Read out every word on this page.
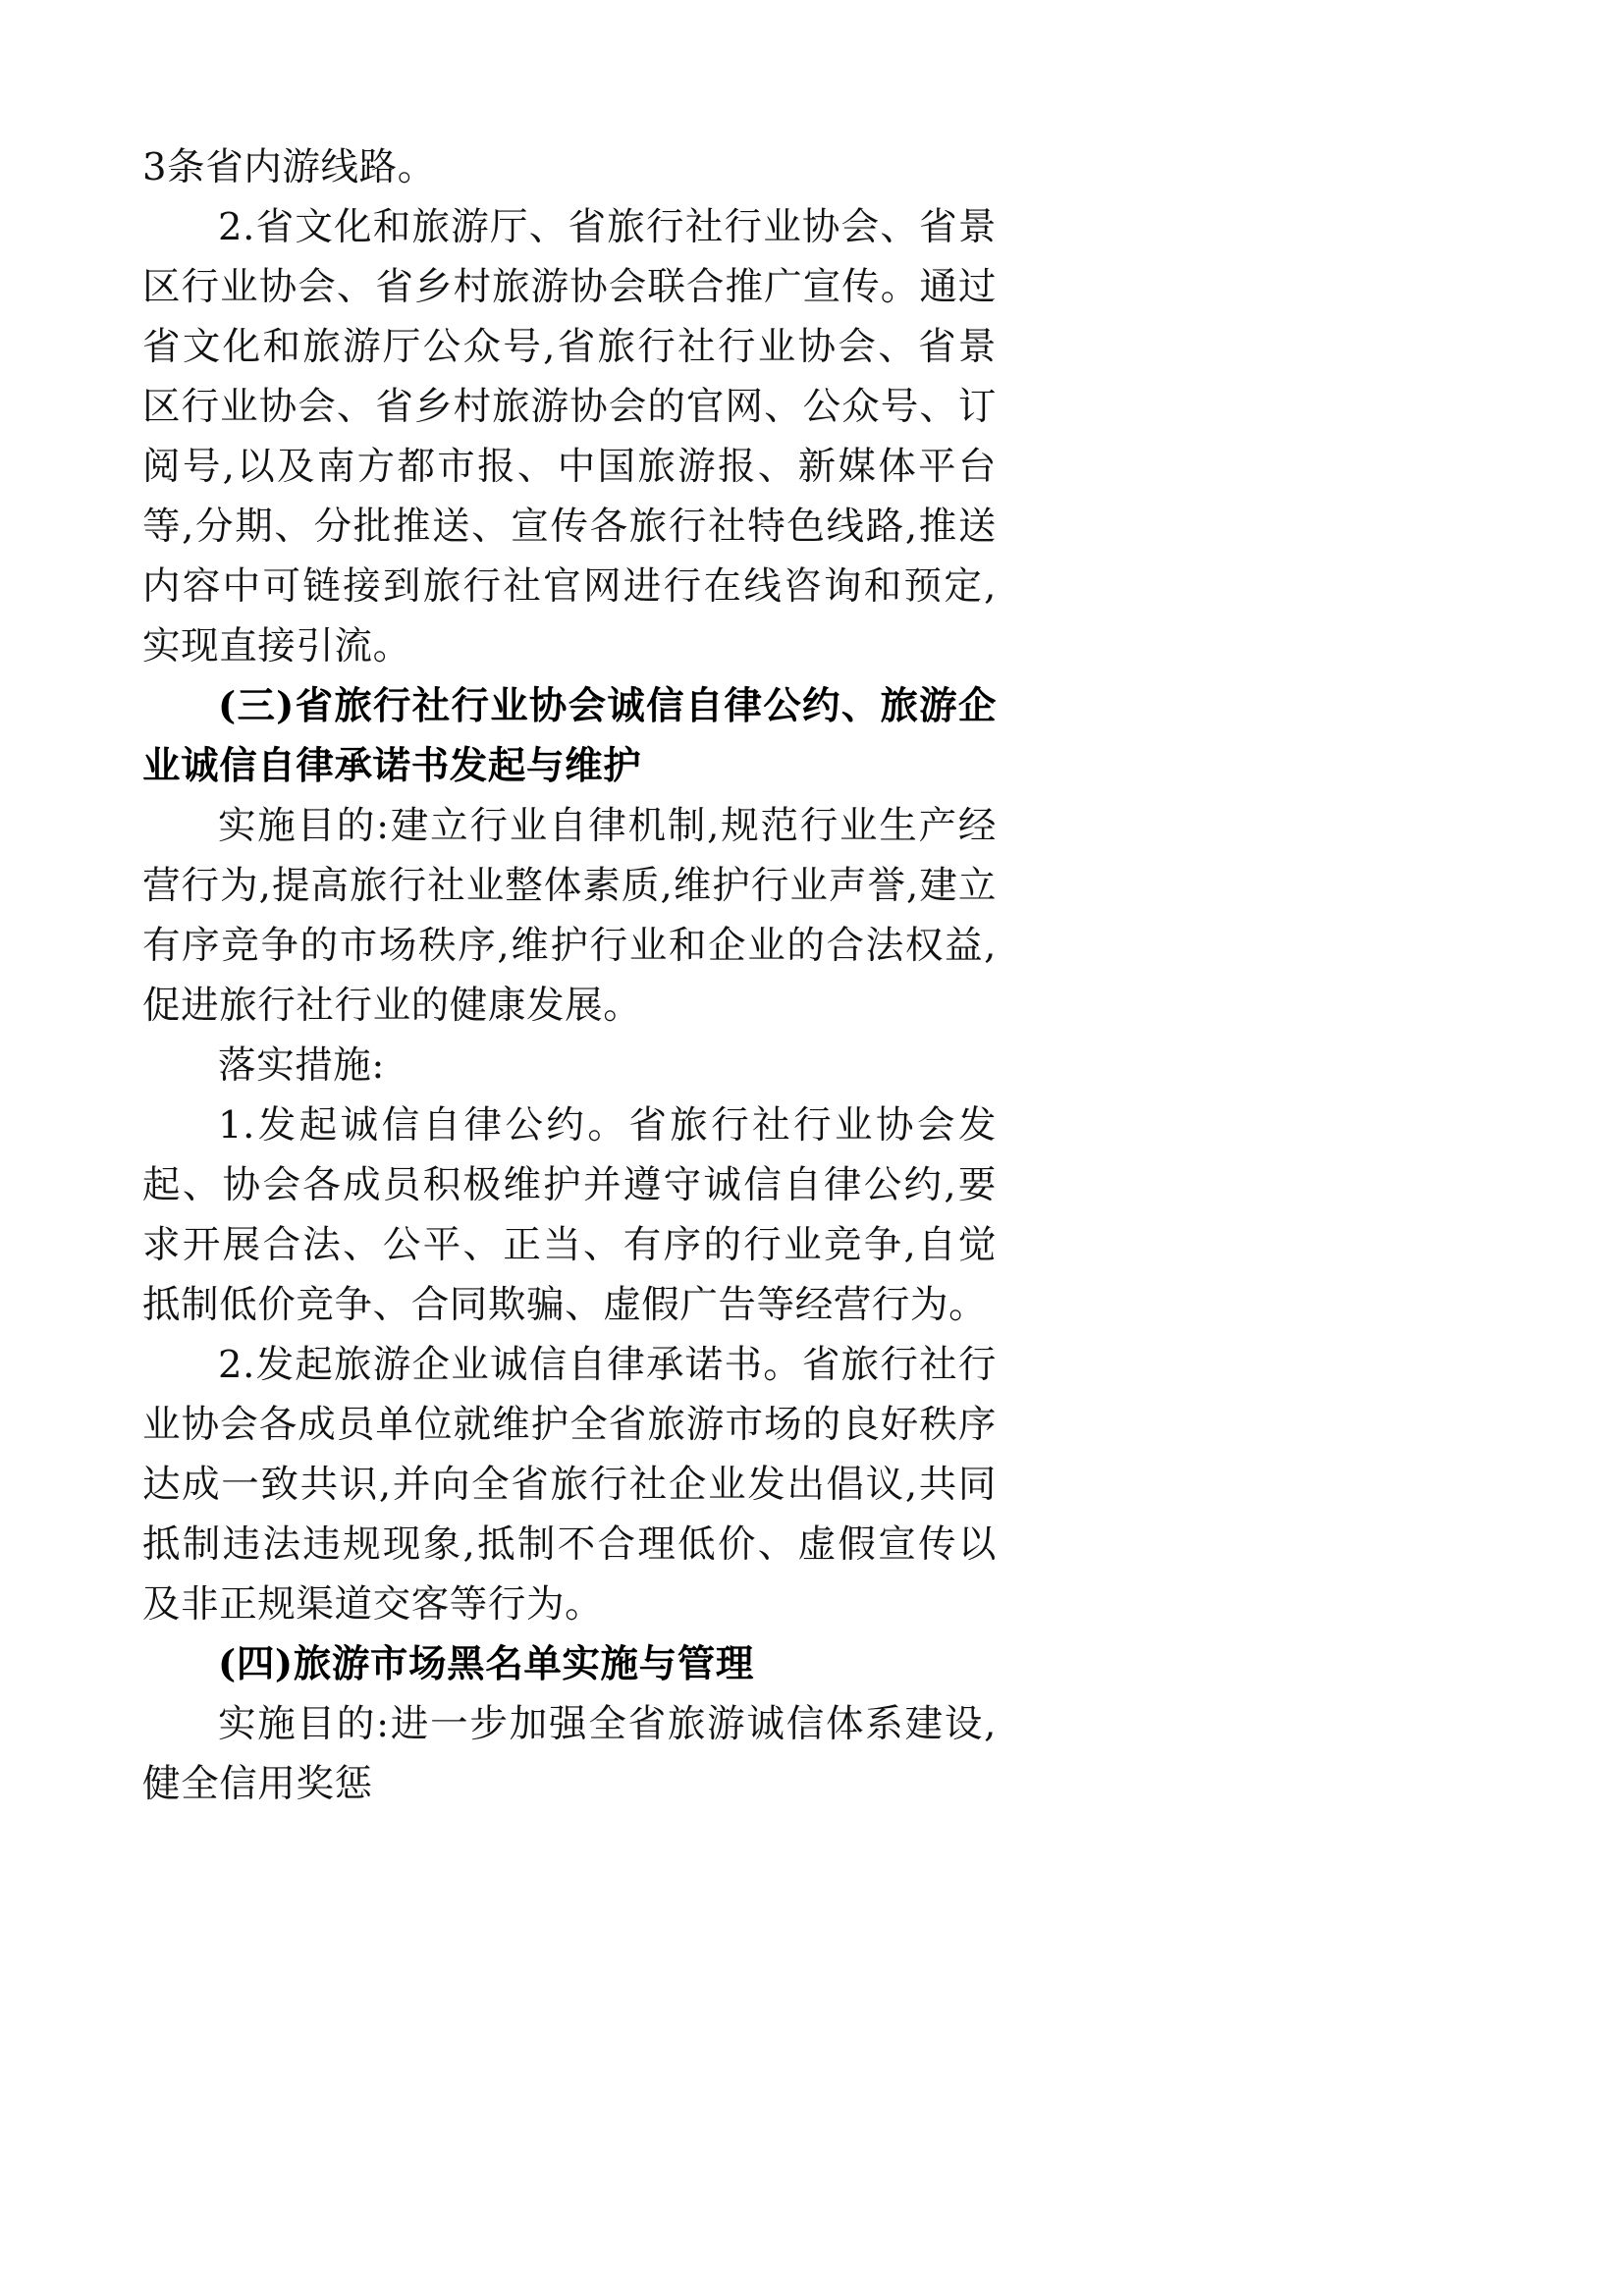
3条省内游线路。

2.省文化和旅游厅、省旅行社行业协会、省景区行业协会、省乡村旅游协会联合推广宣传。通过省文化和旅游厅公众号,省旅行社行业协会、省景区行业协会、省乡村旅游协会的官网、公众号、订阅号,以及南方都市报、中国旅游报、新媒体平台等,分期、分批推送、宣传各旅行社特色线路,推送内容中可链接到旅行社官网进行在线咨询和预定,实现直接引流。

(三)省旅行社行业协会诚信自律公约、旅游企业诚信自律承诺书发起与维护

实施目的:建立行业自律机制,规范行业生产经营行为,提高旅行社业整体素质,维护行业声誉,建立有序竞争的市场秩序,维护行业和企业的合法权益,促进旅行社行业的健康发展。

落实措施:

1.发起诚信自律公约。省旅行社行业协会发起、协会各成员积极维护并遵守诚信自律公约,要求开展合法、公平、正当、有序的行业竞争,自觉抵制低价竞争、合同欺骗、虚假广告等经营行为。

2.发起旅游企业诚信自律承诺书。省旅行社行业协会各成员单位就维护全省旅游市场的良好秩序达成一致共识,并向全省旅行社企业发出倡议,共同抵制违法违规现象,抵制不合理低价、虚假宣传以及非正规渠道交客等行为。

(四)旅游市场黑名单实施与管理

实施目的:进一步加强全省旅游诚信体系建设,健全信用奖惩
